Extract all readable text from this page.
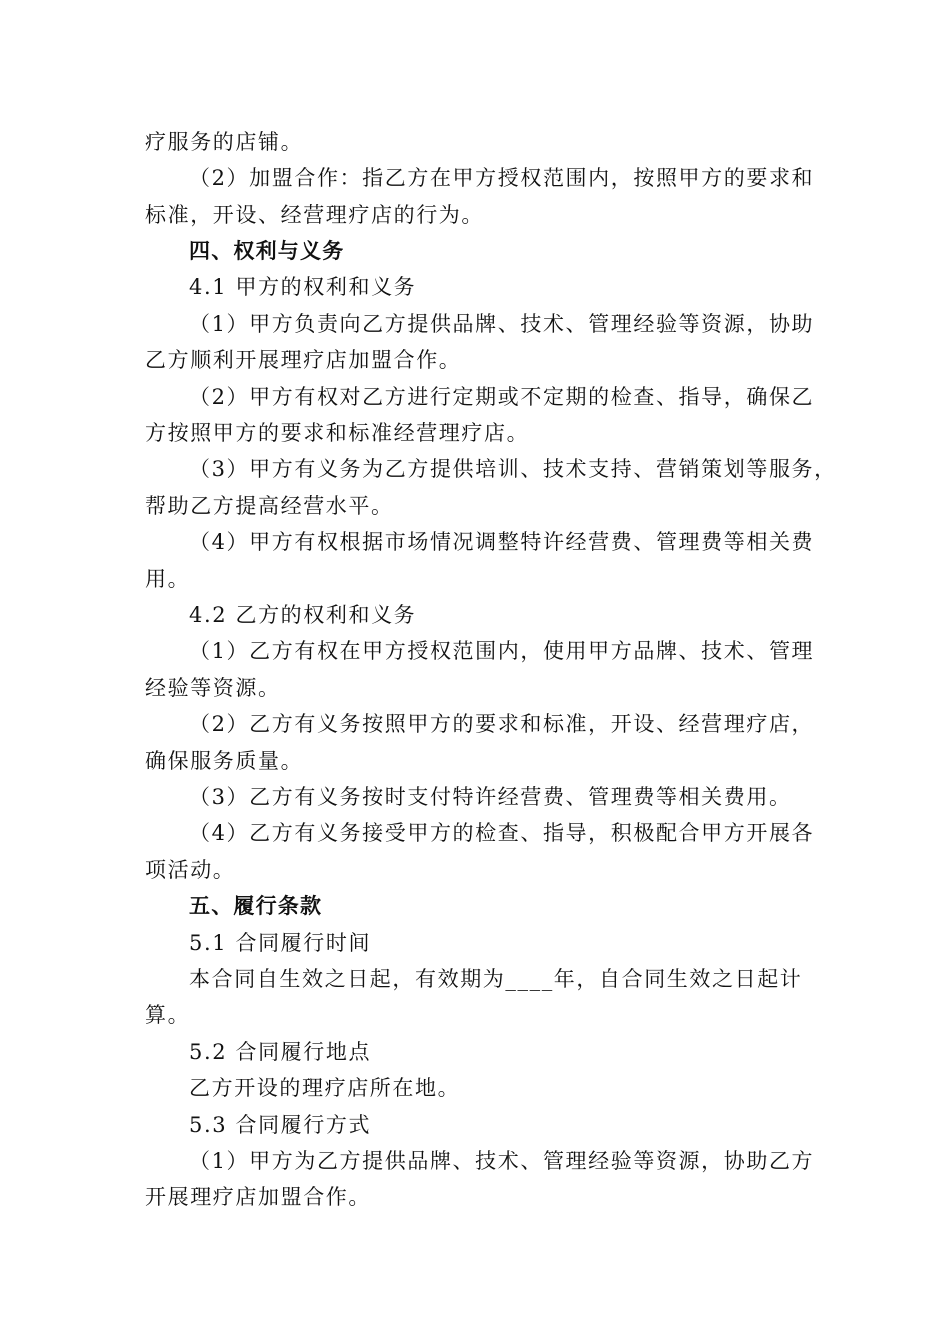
疗服务的店铺。

（2）加盟合作：指乙方在甲方授权范围内，按照甲方的要求和

标准，开设、经营理疗店的行为。

四、权利与义务

4.1 甲方的权利和义务

（1）甲方负责向乙方提供品牌、技术、管理经验等资源，协助

乙方顺利开展理疗店加盟合作。

（2）甲方有权对乙方进行定期或不定期的检查、指导，确保乙

方按照甲方的要求和标准经营理疗店。

（3）甲方有义务为乙方提供培训、技术支持、营销策划等服务，

帮助乙方提高经营水平。

（4）甲方有权根据市场情况调整特许经营费、管理费等相关费

用。

4.2 乙方的权利和义务

（1）乙方有权在甲方授权范围内，使用甲方品牌、技术、管理

经验等资源。

（2）乙方有义务按照甲方的要求和标准，开设、经营理疗店，

确保服务质量。

（3）乙方有义务按时支付特许经营费、管理费等相关费用。

（4）乙方有义务接受甲方的检查、指导，积极配合甲方开展各

项活动。

五、履行条款

5.1 合同履行时间

本合同自生效之日起，有效期为____年，自合同生效之日起计

算。

5.2 合同履行地点

乙方开设的理疗店所在地。

5.3 合同履行方式

（1）甲方为乙方提供品牌、技术、管理经验等资源，协助乙方

开展理疗店加盟合作。
